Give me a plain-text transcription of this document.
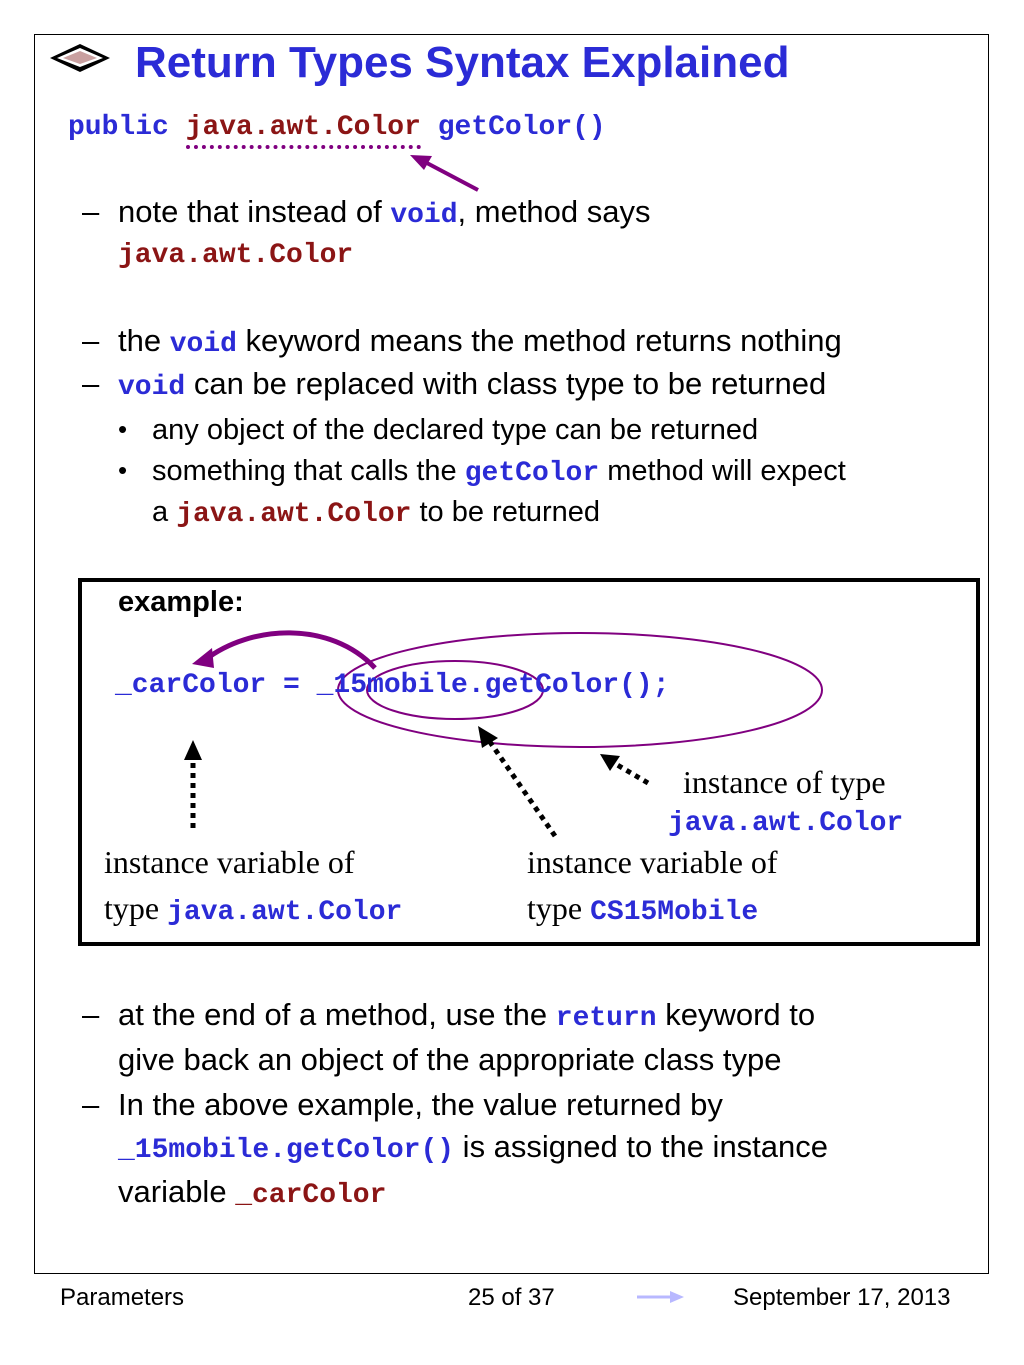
Return Types Syntax Explained
public java.awt.Color getColor()
– note that instead of void, method says
java.awt.Color
– the void keyword means the method returns nothing
– void can be replaced with class type to be returned
• any object of the declared type can be returned
• something that calls the getColor method will expect
a java.awt.Color to be returned
example:
_carColor = _15mobile.getColor();
instance variable of
type java.awt.Color
instance variable of
type CS15Mobile
instance of type
java.awt.Color
– at the end of a method, use the return keyword to
give back an object of the appropriate class type
– In the above example, the value returned by
_15mobile.getColor() is assigned to the instance
variable _carColor
Parameters	25 of 37	September 17, 2013
